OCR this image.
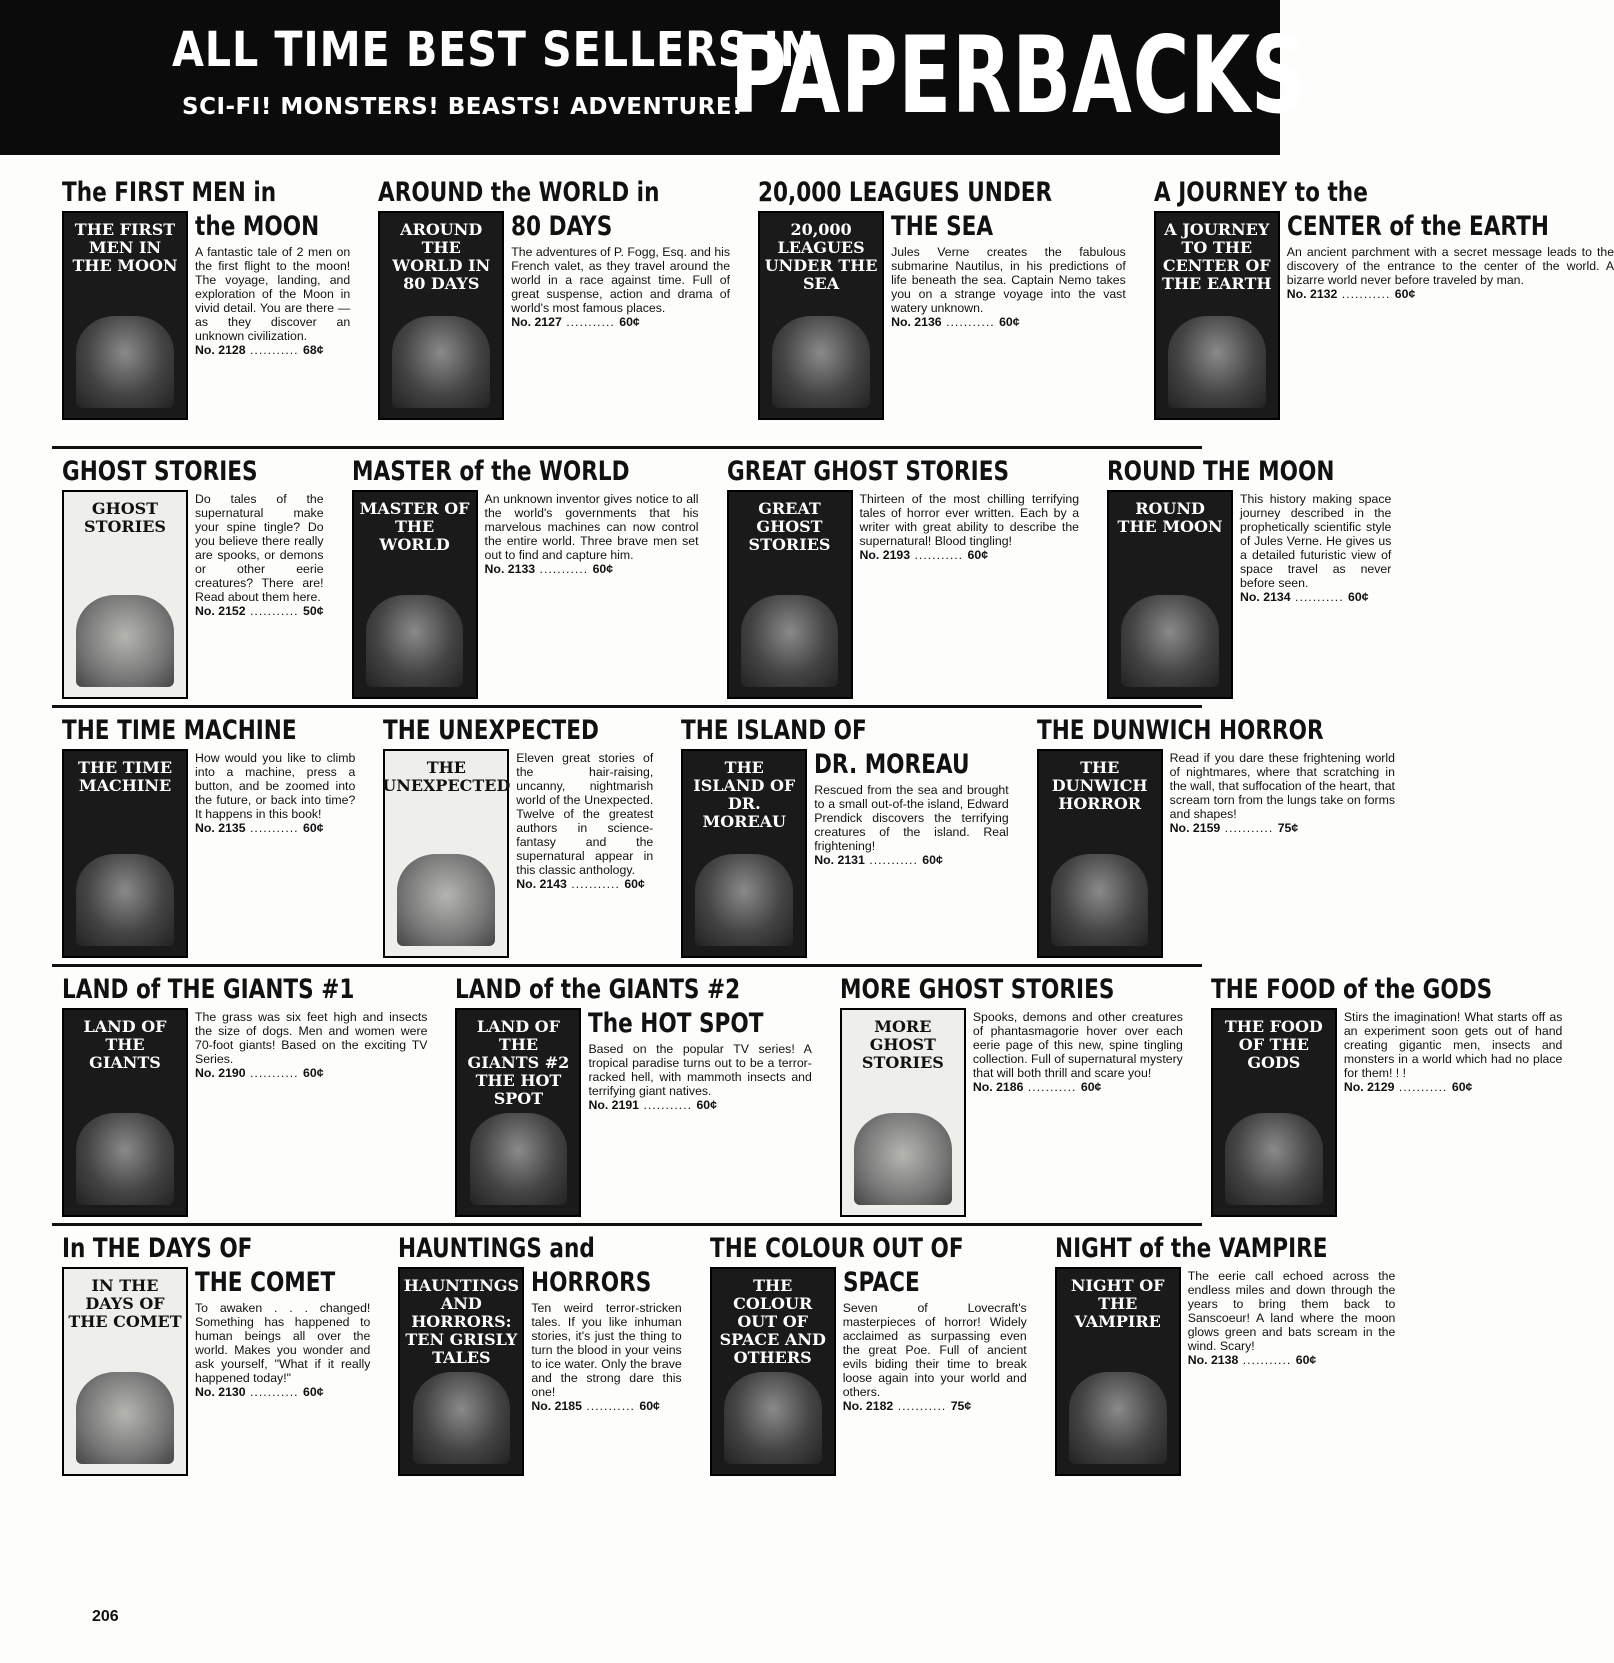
ALL TIME BEST SELLERS IN
SCI-FI! MONSTERS! BEASTS! ADVENTURE!
PAPERBACKS
The FIRST MEN in
THE FIRST MEN IN THE MOON
the MOON
A fantastic tale of 2 men on the first flight to the moon! The voyage, landing, and exploration of the Moon in vivid detail. You are there — as they discover an unknown civilization.
No. 2128 ........... 68¢
AROUND the WORLD in
AROUND THE WORLD IN 80 DAYS
80 DAYS
The adventures of P. Fogg, Esq. and his French valet, as they travel around the world in a race against time. Full of great suspense, action and drama of world's most famous places.
No. 2127 ........... 60¢
20,000 LEAGUES UNDER
20,000 LEAGUES UNDER THE SEA
THE SEA
Jules Verne creates the fabulous submarine Nautilus, in his predictions of life beneath the sea. Captain Nemo takes you on a strange voyage into the vast watery unknown.
No. 2136 ........... 60¢
A JOURNEY to the
A JOURNEY TO THE CENTER OF THE EARTH
CENTER of the EARTH
An ancient parchment with a secret message leads to the discovery of the entrance to the center of the world. A bizarre world never before traveled by man.
No. 2132 ........... 60¢
GHOST STORIES
GHOST STORIES
Do tales of the supernatural make your spine tingle? Do you believe there really are spooks, or demons or other eerie creatures? There are! Read about them here.
No. 2152 ........... 50¢
MASTER of the WORLD
MASTER OF THE WORLD
An unknown inventor gives notice to all the world's governments that his marvelous machines can now control the entire world. Three brave men set out to find and capture him.
No. 2133 ........... 60¢
GREAT GHOST STORIES
GREAT GHOST STORIES
Thirteen of the most chilling terrifying tales of horror ever written. Each by a writer with great ability to describe the supernatural! Blood tingling!
No. 2193 ........... 60¢
ROUND THE MOON
ROUND THE MOON
This history making space journey described in the prophetically scientific style of Jules Verne. He gives us a detailed futuristic view of space travel as never before seen.
No. 2134 ........... 60¢
THE TIME MACHINE
THE TIME MACHINE
How would you like to climb into a machine, press a button, and be zoomed into the future, or back into time? It happens in this book!
No. 2135 ........... 60¢
THE UNEXPECTED
THE UNEXPECTED
Eleven great stories of the hair-raising, uncanny, nightmarish world of the Unexpected. Twelve of the greatest authors in science-fantasy and the supernatural appear in this classic anthology.
No. 2143 ........... 60¢
THE ISLAND OF
THE ISLAND OF DR. MOREAU
DR. MOREAU
Rescued from the sea and brought to a small out-of-the island, Edward Prendick discovers the terrifying creatures of the island. Real frightening!
No. 2131 ........... 60¢
THE DUNWICH HORROR
THE DUNWICH HORROR
Read if you dare these frightening world of nightmares, where that scratching in the wall, that suffocation of the heart, that scream torn from the lungs take on forms and shapes!
No. 2159 ........... 75¢
LAND of THE GIANTS #1
LAND OF THE GIANTS
The grass was six feet high and insects the size of dogs. Men and women were 70-foot giants! Based on the exciting TV Series.
No. 2190 ........... 60¢
LAND of the GIANTS #2
LAND OF THE GIANTS #2 THE HOT SPOT
The HOT SPOT
Based on the popular TV series! A tropical paradise turns out to be a terror-racked hell, with mammoth insects and terrifying giant natives.
No. 2191 ........... 60¢
MORE GHOST STORIES
MORE GHOST STORIES
Spooks, demons and other creatures of phantasmagorie hover over each eerie page of this new, spine tingling collection. Full of supernatural mystery that will both thrill and scare you!
No. 2186 ........... 60¢
THE FOOD of the GODS
THE FOOD OF THE GODS
Stirs the imagination! What starts off as an experiment soon gets out of hand creating gigantic men, insects and monsters in a world which had no place for them! ! !
No. 2129 ........... 60¢
In THE DAYS OF
IN THE DAYS OF THE COMET
THE COMET
To awaken . . . changed! Something has happened to human beings all over the world. Makes you wonder and ask yourself, "What if it really happened today!"
No. 2130 ........... 60¢
HAUNTINGS and
HAUNTINGS AND HORRORS: TEN GRISLY TALES
HORRORS
Ten weird terror-stricken tales. If you like inhuman stories, it's just the thing to turn the blood in your veins to ice water. Only the brave and the strong dare this one!
No. 2185 ........... 60¢
THE COLOUR OUT OF
THE COLOUR OUT OF SPACE AND OTHERS
SPACE
Seven of Lovecraft's masterpieces of horror! Widely acclaimed as surpassing even the great Poe. Full of ancient evils biding their time to break loose again into your world and others.
No. 2182 ........... 75¢
NIGHT of the VAMPIRE
NIGHT OF THE VAMPIRE
The eerie call echoed across the endless miles and down through the years to bring them back to Sanscoeur! A land where the moon glows green and bats scream in the wind. Scary!
No. 2138 ........... 60¢
206
